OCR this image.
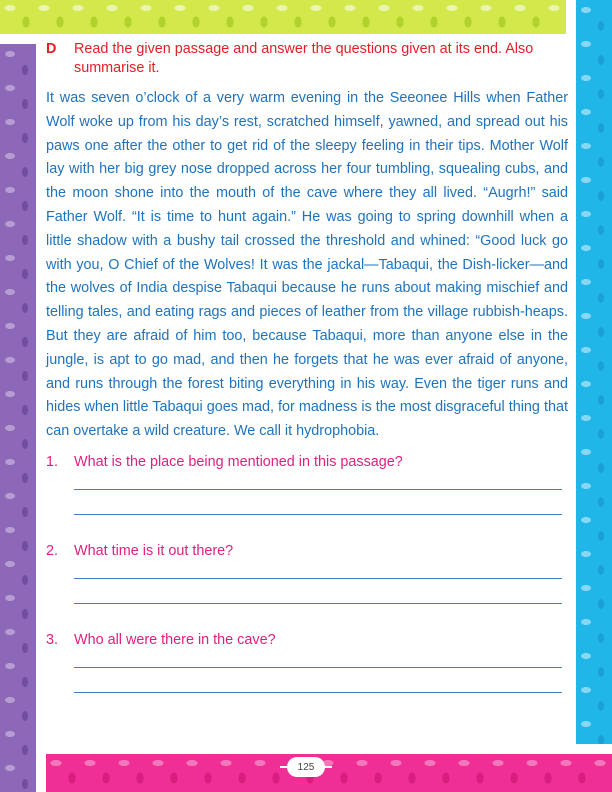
D	Read the given passage and answer the questions given at its end. Also summarise it.

It was seven o’clock of a very warm evening in the Seeonee Hills when Father Wolf woke up from his day’s rest, scratched himself, yawned, and spread out his paws one after the other to get rid of the sleepy feeling in their tips. Mother Wolf lay with her big grey nose dropped across her four tumbling, squealing cubs, and the moon shone into the mouth of the cave where they all lived. “Augrh!” said Father Wolf. “It is time to hunt again.” He was going to spring downhill when a little shadow with a bushy tail crossed the threshold and whined: “Good luck go with you, O Chief of the Wolves! It was the jackal—Tabaqui, the Dish-licker—and the wolves of India despise Tabaqui because he runs about making mischief and telling tales, and eating rags and pieces of leather from the village rubbish-heaps. But they are afraid of him too, because Tabaqui, more than anyone else in the jungle, is apt to go mad, and then he forgets that he was ever afraid of anyone, and runs through the forest biting everything in his way. Even the tiger runs and hides when little Tabaqui goes mad, for madness is the most disgraceful thing that can overtake a wild creature. We call it hydrophobia.

1.	What is the place being mentioned in this passage?
2.	What time is it out there?
3.	Who all were there in the cave?
125
